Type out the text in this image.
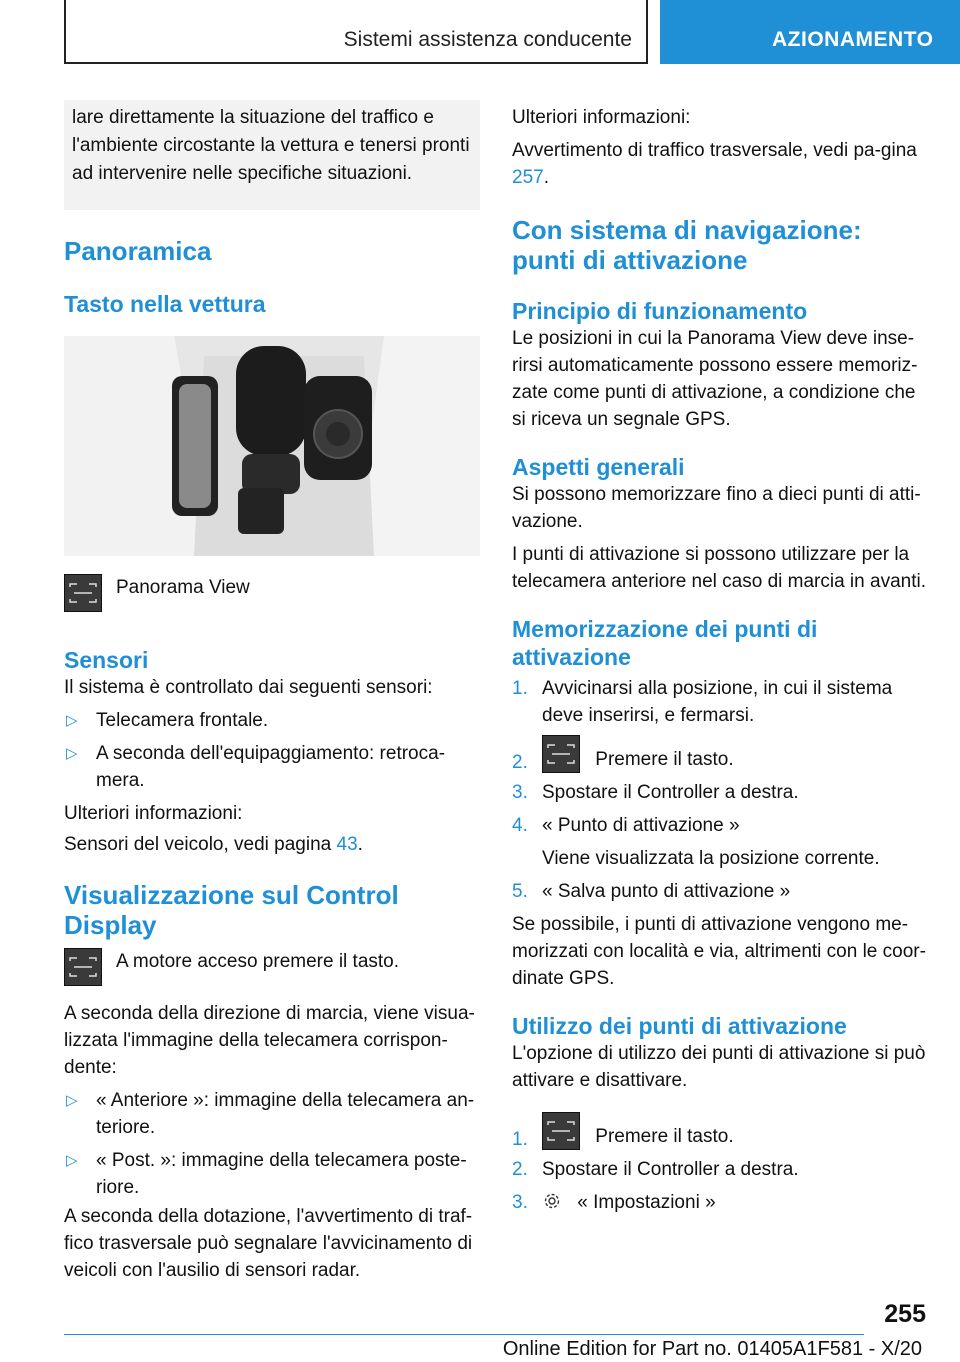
Sistemi assistenza conducente	AZIONAMENTO
lare direttamente la situazione del traffico e l'ambiente circostante la vettura e tenersi pronti ad intervenire nelle specifiche situazioni.
Panoramica
Tasto nella vettura
Panorama View
Sensori

Il sistema è controllato dai seguenti sensori:

▷ Telecamera frontale.
▷ A seconda dell'equipaggiamento: retroca-mera.

Ulteriori informazioni:

Sensori del veicolo, vedi pagina 43.

Visualizzazione sul Control Display
A motore acceso premere il tasto.

A seconda della direzione di marcia, viene visua-lizzata l'immagine della telecamera corrispon-dente:

▷ « Anteriore »: immagine della telecamera an-teriore.
▷ « Post. »: immagine della telecamera poste-riore.

A seconda della dotazione, l'avvertimento di traf-fico trasversale può segnalare l'avvicinamento di veicoli con l'ausilio di sensori radar.

Ulteriori informazioni:

Avvertimento di traffico trasversale, vedi pa-gina 257.

Con sistema di navigazione: punti di attivazione
Principio di funzionamento

Le posizioni in cui la Panorama View deve inse-rirsi automaticamente possono essere memoriz-zate come punti di attivazione, a condizione che si riceva un segnale GPS.

Aspetti generali

Si possono memorizzare fino a dieci punti di atti-vazione.

I punti di attivazione si possono utilizzare per la telecamera anteriore nel caso di marcia in avanti.

Memorizzazione dei punti di attivazione
1. Avvicinarsi alla posizione, in cui il sistema deve inserirsi, e fermarsi.
2.	Premere il tasto.
3. Spostare il Controller a destra.
4. « Punto di attivazione »
Viene visualizzata la posizione corrente.
5. « Salva punto di attivazione »

Se possibile, i punti di attivazione vengono me-morizzati con località e via, altrimenti con le coor-dinate GPS.

Utilizzo dei punti di attivazione

L'opzione di utilizzo dei punti di attivazione si può attivare e disattivare.

1.	Premere il tasto.
2. Spostare il Controller a destra.
3.	« Impostazioni »
255
Online Edition for Part no. 01405A1F581 - X/20
